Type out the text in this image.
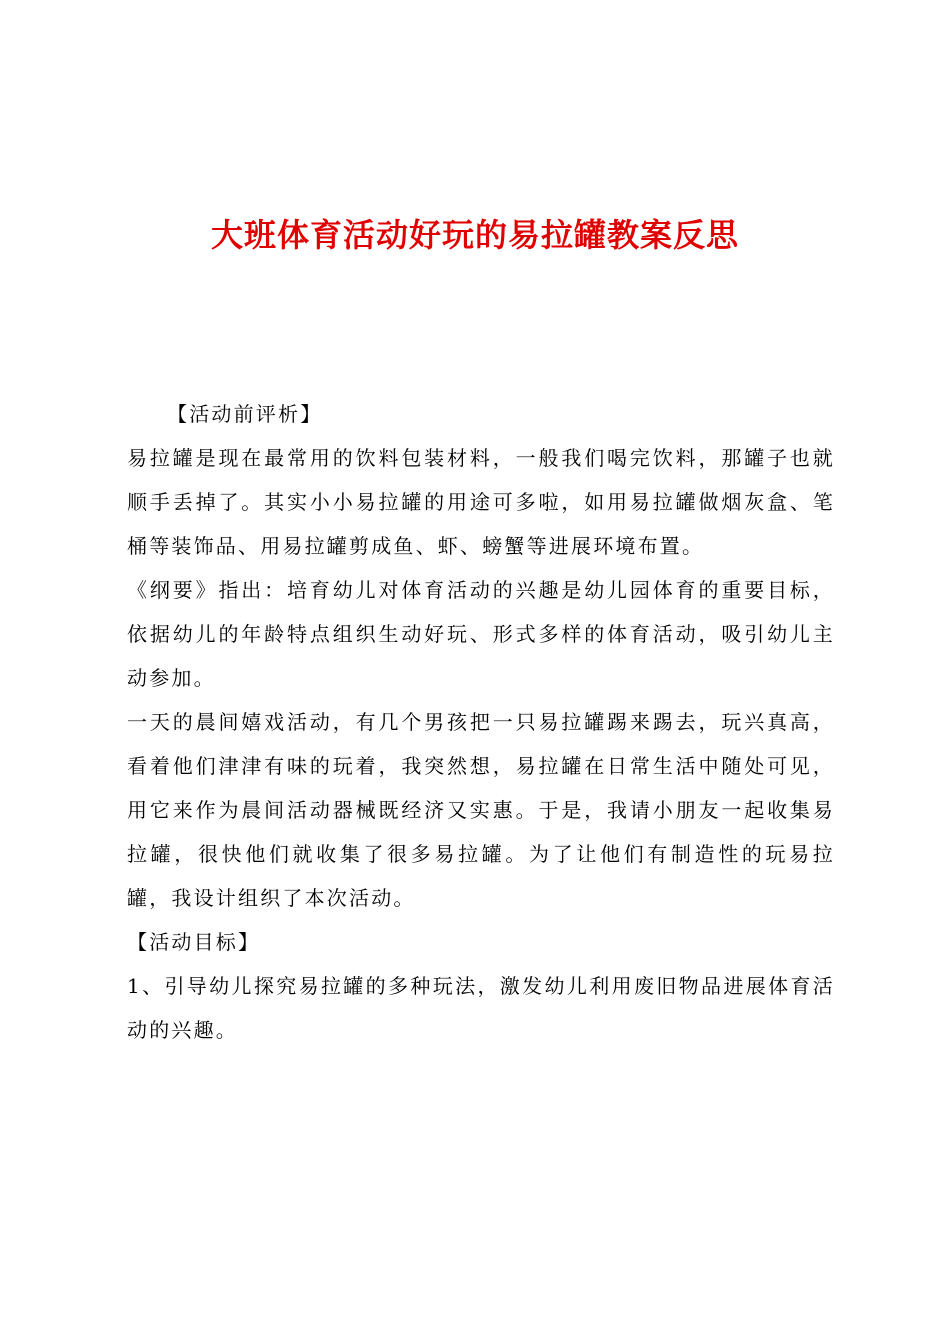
大班体育活动好玩的易拉罐教案反思

【活动前评析】

易拉罐是现在最常用的饮料包装材料，一般我们喝完饮料，那罐子也就顺手丢掉了。其实小小易拉罐的用途可多啦，如用易拉罐做烟灰盒、笔桶等装饰品、用易拉罐剪成鱼、虾、螃蟹等进展环境布置。

《纲要》指出：培育幼儿对体育活动的兴趣是幼儿园体育的重要目标，依据幼儿的年龄特点组织生动好玩、形式多样的体育活动，吸引幼儿主动参加。

一天的晨间嬉戏活动，有几个男孩把一只易拉罐踢来踢去，玩兴真高，看着他们津津有味的玩着，我突然想，易拉罐在日常生活中随处可见，用它来作为晨间活动器械既经济又实惠。于是，我请小朋友一起收集易拉罐，很快他们就收集了很多易拉罐。为了让他们有制造性的玩易拉罐，我设计组织了本次活动。

【活动目标】

1、引导幼儿探究易拉罐的多种玩法，激发幼儿利用废旧物品进展体育活动的兴趣。
